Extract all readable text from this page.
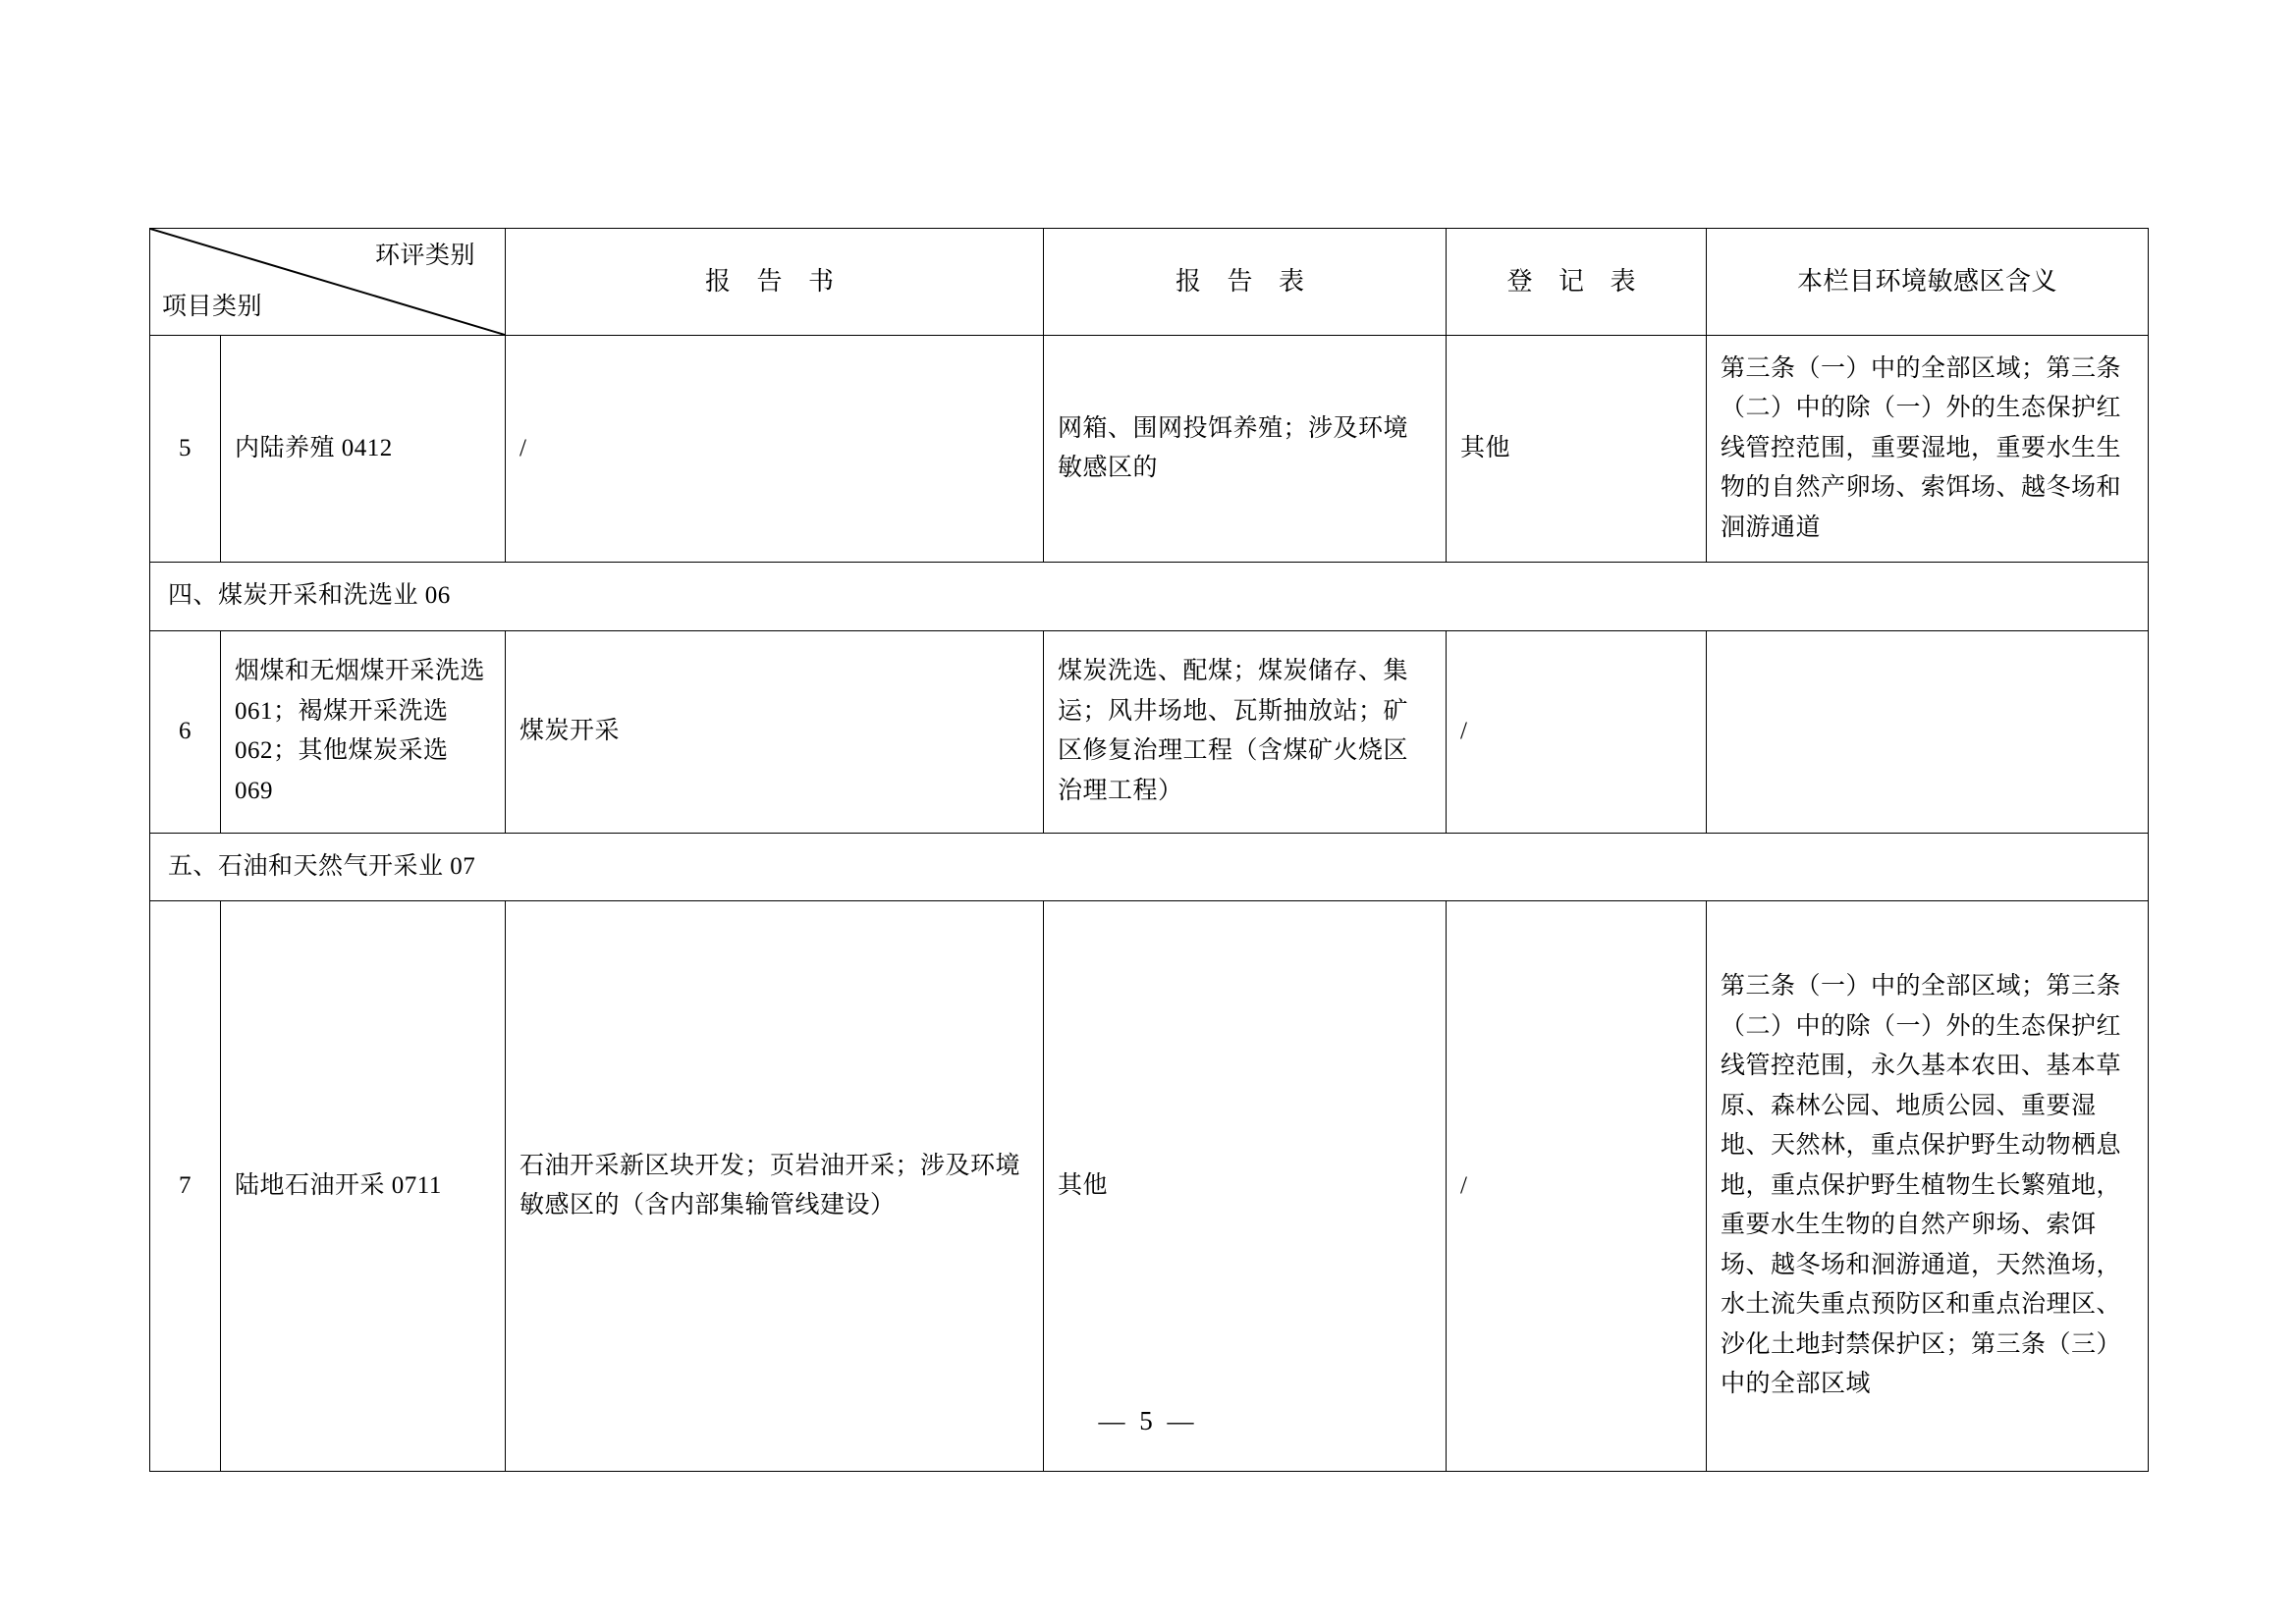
环评类别
项目类别		报 告 书	报 告 表	登 记 表	本栏目环境敏感区含义
5	内陆养殖 0412	/	网箱、围网投饵养殖；涉及环境敏感区的	其他	第三条（一）中的全部区域；第三条（二）中的除（一）外的生态保护红线管控范围，重要湿地，重要水生生物的自然产卵场、索饵场、越冬场和洄游通道
四、煤炭开采和洗选业 06					
6	烟煤和无烟煤开采洗选 061；褐煤开采洗选 062；其他煤炭采选 069	煤炭开采	煤炭洗选、配煤；煤炭储存、集运；风井场地、瓦斯抽放站；矿区修复治理工程（含煤矿火烧区治理工程）	/	
五、石油和天然气开采业 07					
7	陆地石油开采 0711	石油开采新区块开发；页岩油开采；涉及环境敏感区的（含内部集输管线建设）	其他	/	第三条（一）中的全部区域；第三条（二）中的除（一）外的生态保护红线管控范围，永久基本农田、基本草原、森林公园、地质公园、重要湿地、天然林，重点保护野生动物栖息地，重点保护野生植物生长繁殖地，重要水生生物的自然产卵场、索饵场、越冬场和洄游通道，天然渔场，水土流失重点预防区和重点治理区、沙化土地封禁保护区；第三条（三）中的全部区域
— 5 —
